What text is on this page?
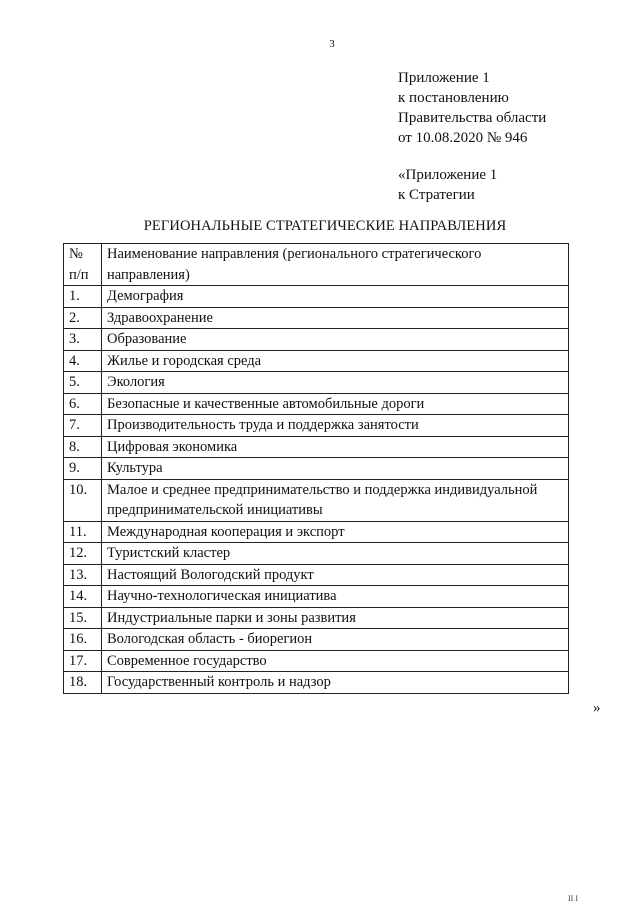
3
Приложение 1
к постановлению
Правительства области
от 10.08.2020 № 946
«Приложение 1
к Стратегии
РЕГИОНАЛЬНЫЕ СТРАТЕГИЧЕСКИЕ НАПРАВЛЕНИЯ
№ п/п	Наименование направления (регионального стратегического направления)
1.	Демография
2.	Здравоохранение
3.	Образование
4.	Жилье и городская среда
5.	Экология
6.	Безопасные и качественные автомобильные дороги
7.	Производительность труда и поддержка занятости
8.	Цифровая экономика
9.	Культура
10.	Малое и среднее предпринимательство и поддержка индивидуальной предпринимательской инициативы
11.	Международная кооперация и экспорт
12.	Туристский кластер
13.	Настоящий Вологодский продукт
14.	Научно-технологическая инициатива
15.	Индустриальные парки и зоны развития
16.	Вологодская область - биорегион
17.	Современное государство
18.	Государственный контроль и надзор
»
II I
